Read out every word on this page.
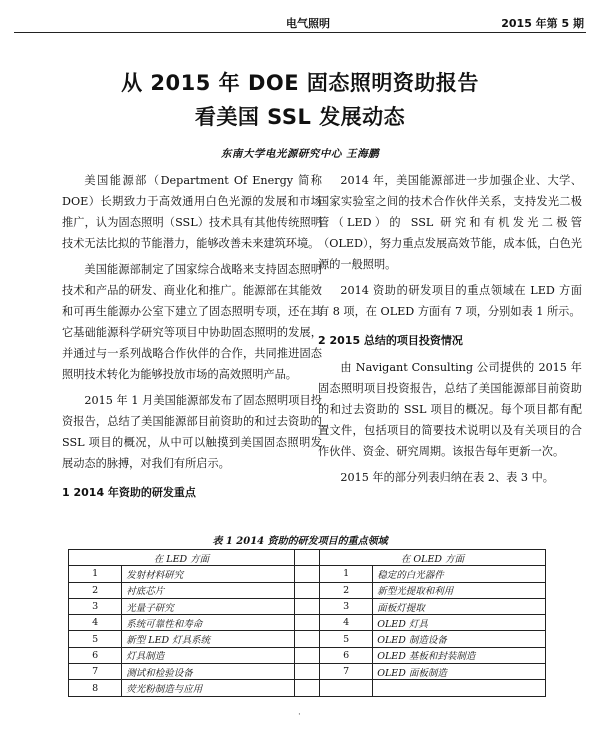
电气照明	2015 年第 5 期
从 2015 年 DOE 固态照明资助报告
看美国 SSL 发展动态
东南大学电光源研究中心 王海鹏

美国能源部（Department Of Energy 简称 DOE）长期致力于高效通用白色光源的发展和市场推广，认为固态照明（SSL）技术具有其他传统照明技术无法比拟的节能潜力，能够改善未来建筑环境。

美国能源部制定了国家综合战略来支持固态照明技术和产品的研发、商业化和推广。能源部在其能效和可再生能源办公室下建立了固态照明专项，还在其它基础能源科学研究等项目中协助固态照明的发展，并通过与一系列战略合作伙伴的合作，共同推进固态照明技术转化为能够投放市场的高效照明产品。

2015 年 1 月美国能源部发布了固态照明项目投资报告，总结了美国能源部目前资助的和过去资助的 SSL 项目的概况，从中可以触摸到美国固态照明发展动态的脉搏，对我们有所启示。

1 2014 年资助的研发重点

2014 年，美国能源部进一步加强企业、大学、国家实验室之间的技术合作伙伴关系，支持发光二极管（LED）的 SSL 研究和有机发光二极管（OLED），努力重点发展高效节能，成本低，白色光源的一般照明。

2014 资助的研发项目的重点领域在 LED 方面有 8 项，在 OLED 方面有 7 项，分别如表 1 所示。

2 2015 总结的项目投资情况

由 Navigant Consulting 公司提供的 2015 年固态照明项目投资报告，总结了美国能源部目前资助的和过去资助的 SSL 项目的概况。每个项目都有配置文件，包括项目的简要技术说明以及有关项目的合作伙伴、资金、研究周期。该报告每年更新一次。

2015 年的部分列表归纳在表 2、表 3 中。

表 1 2014 资助的研发项目的重点领域
在 LED 方面			在 OLED 方面	
1	发射材料研究		1	稳定的白光器件
2	衬底芯片		2	新型光提取和利用
3	光量子研究		3	面板灯提取
4	系统可靠性和寿命		4	OLED 灯具
5	新型 LED 灯具系统		5	OLED 制造设备
6	灯具制造		6	OLED 基板和封装制造
7	测试和检验设备		7	OLED 面板制造
8	荧光粉制造与应用			
·
